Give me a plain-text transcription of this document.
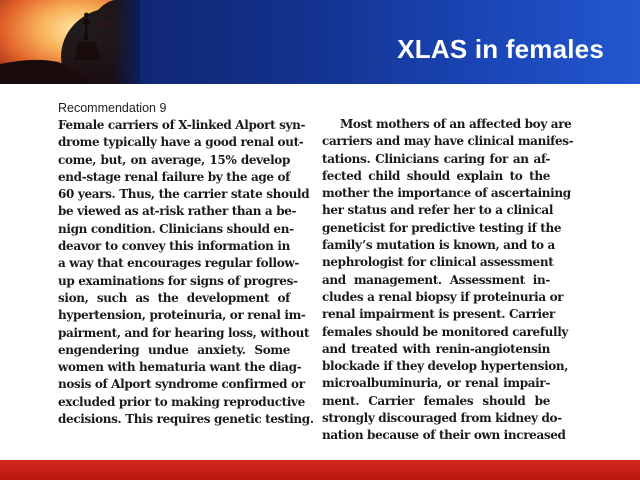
XLAS in females
Recommendation 9
Female carriers of X-linked Alport syn-
drome typically have a good renal out-
come, but, on average, 15% develop
end-stage renal failure by the age of
60 years. Thus, the carrier state should
be viewed as at-risk rather than a be-
nign condition. Clinicians should en-
deavor to convey this information in
a way that encourages regular follow-
up examinations for signs of progres-
sion, such as the development of
hypertension, proteinuria, or renal im-
pairment, and for hearing loss, without
engendering undue anxiety. Some
women with hematuria want the diag-
nosis of Alport syndrome confirmed or
excluded prior to making reproductive
decisions. This requires genetic testing.
Most mothers of an affected boy are
carriers and may have clinical manifes-
tations. Clinicians caring for an af-
fected child should explain to the
mother the importance of ascertaining
her status and refer her to a clinical
geneticist for predictive testing if the
family’s mutation is known, and to a
nephrologist for clinical assessment
and management. Assessment in-
cludes a renal biopsy if proteinuria or
renal impairment is present. Carrier
females should be monitored carefully
and treated with renin-angiotensin
blockade if they develop hypertension,
microalbuminuria, or renal impair-
ment. Carrier females should be
strongly discouraged from kidney do-
nation because of their own increased
